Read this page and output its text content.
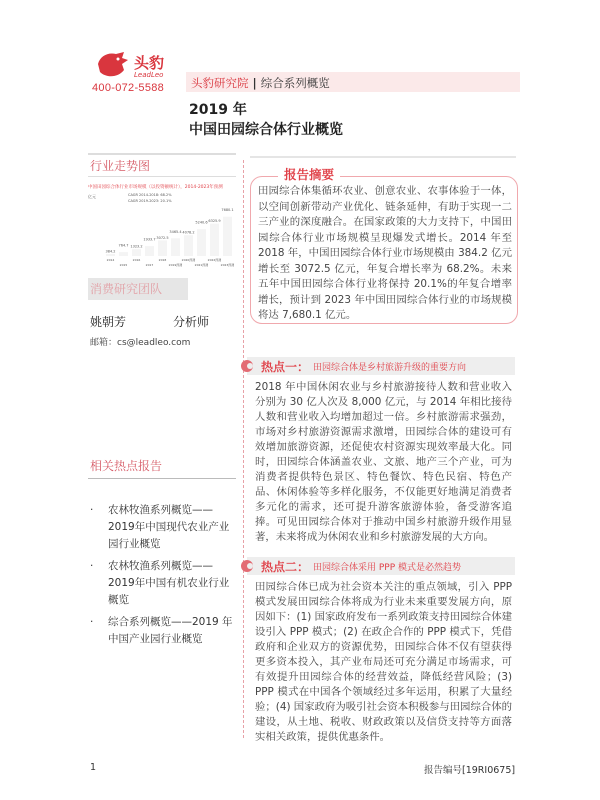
头豹
LeadLeo
400-072-5588	头豹研究院 | 综合系列概览
2019 年
中国田园综合体行业概览
行业走势图
中国田园综合体行业市场规模（以投资额统计），2014-2023年预测
亿元	CAGR 2014-2018: 68.2%
CAGR 2019-2023: 20.1%
384.2
2014
764.7
2015
1323.2
2016
1933.7
2017
3072.5
2018
3465.4
2019预测
4078.2
2020预测
5240.6
2021预测
6325.9
2022预测
7680.1
2023预测
消费研究团队
姚朝芳	分析师
邮箱：cs@leadleo.com
相关热点报告
· 农林牧渔系列概览——2019年中国现代农业产业园行业概览
· 农林牧渔系列概览——2019年中国有机农业行业概览
· 综合系列概览——2019 年中国产业园行业概览
报告摘要
田园综合体集循环农业、创意农业、农事体验于一体，以空间创新带动产业优化、链条延伸，有助于实现一二三产业的深度融合。在国家政策的大力支持下，中国田园综合体行业市场规模呈现爆发式增长。2014 年至 2018 年，中国田园综合体行业市场规模由 384.2 亿元增长至 3072.5 亿元，年复合增长率为 68.2%。未来五年中国田园综合体行业将保持 20.1%的年复合增率增长，预计到 2023 年中国田园综合体行业的市场规模将达 7,680.1 亿元。
热点一： 田园综合体是乡村旅游升级的重要方向
2018 年中国休闲农业与乡村旅游接待人数和营业收入分别为 30 亿人次及 8,000 亿元，与 2014 年相比接待人数和营业收入均增加超过一倍。乡村旅游需求强劲，市场对乡村旅游资源需求激增，田园综合体的建设可有效增加旅游资源，还促使农村资源实现效率最大化。同时，田园综合体涵盖农业、文旅、地产三个产业，可为消费者提供特色景区、特色餐饮、特色民宿、特色产品、休闲体验等多样化服务，不仅能更好地满足消费者多元化的需求，还可提升游客旅游体验，备受游客追捧。可见田园综合体对于推动中国乡村旅游升级作用显著，未来将成为休闲农业和乡村旅游发展的大方向。
热点二： 田园综合体采用 PPP 模式是必然趋势
田园综合体已成为社会资本关注的重点领域，引入 PPP 模式发展田园综合体将成为行业未来重要发展方向，原因如下：(1) 国家政府发布一系列政策支持田园综合体建设引入 PPP 模式；(2) 在政企合作的 PPP 模式下，凭借政府和企业双方的资源优势，田园综合体不仅有望获得更多资本投入，其产业布局还可充分满足市场需求，可有效提升田园综合体的经营效益，降低经营风险；(3) PPP 模式在中国各个领域经过多年运用，积累了大量经验；(4) 国家政府为吸引社会资本积极参与田园综合体的建设，从土地、税收、财政政策以及信贷支持等方面落实相关政策，提供优惠条件。
1	报告编号[19RI0675]
